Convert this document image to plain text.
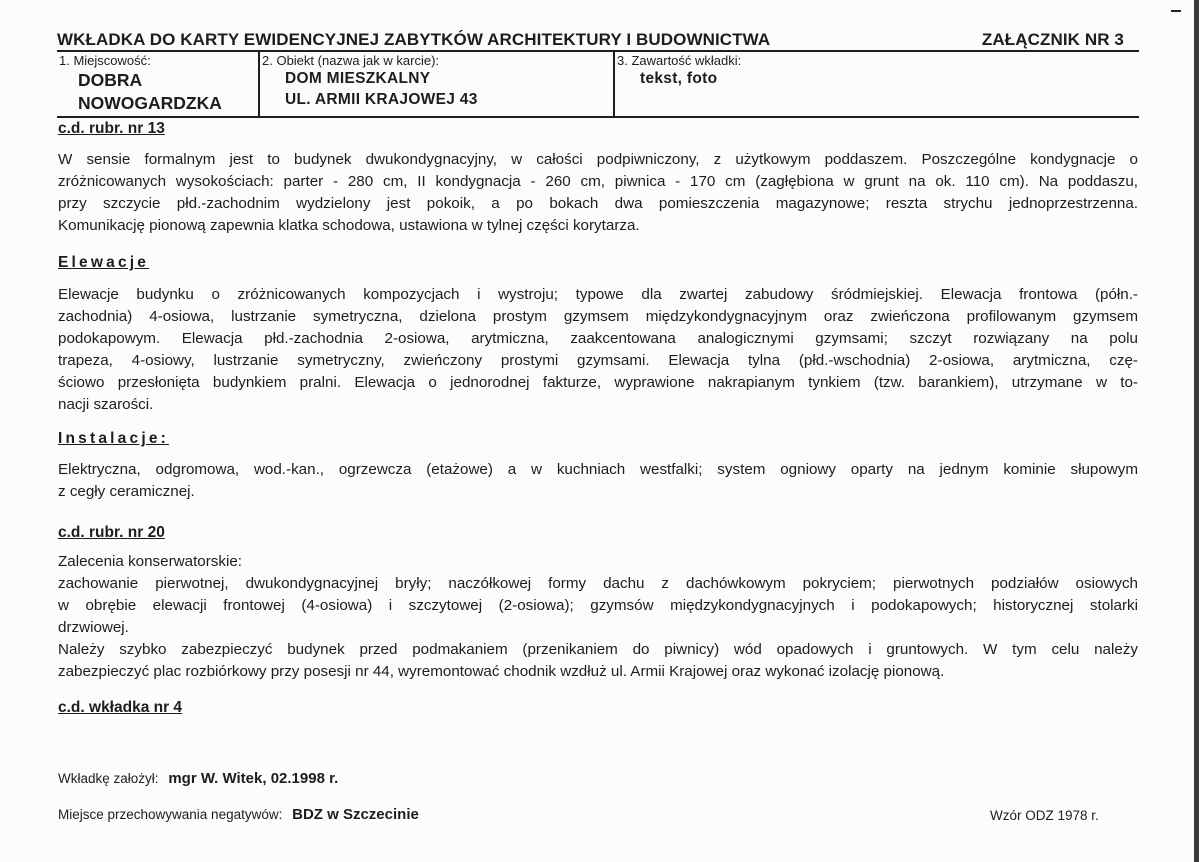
WKŁADKA DO KARTY EWIDENCYJNEJ ZABYTKÓW ARCHITEKTURY I BUDOWNICTWA	ZAŁĄCZNIK NR 3
1. Miejscowość:
DOBRA
NOWOGARDZKA
2. Obiekt (nazwa jak w karcie):
DOM MIESZKALNY
UL. ARMII KRAJOWEJ 43
3. Zawartość wkładki:
tekst, foto
c.d. rubr. nr 13
W sensie formalnym jest to budynek dwukondygnacyjny, w całości podpiwniczony, z użytkowym poddaszem. Poszczególne kondygnacje o
zróżnicowanych wysokościach: parter - 280 cm, II kondygnacja - 260 cm, piwnica - 170 cm (zagłębiona w grunt na ok. 110 cm). Na poddaszu,
przy szczycie płd.-zachodnim wydzielony jest pokoik, a po bokach dwa pomieszczenia magazynowe; reszta strychu jednoprzestrzenna.
Komunikację pionową zapewnia klatka schodowa, ustawiona w tylnej części korytarza.
Elewacje
Elewacje budynku o zróżnicowanych kompozycjach i wystroju; typowe dla zwartej zabudowy śródmiejskiej. Elewacja frontowa (półn.-
zachodnia) 4-osiowa, lustrzanie symetryczna, dzielona prostym gzymsem międzykondygnacyjnym oraz zwieńczona profilowanym gzymsem
podokapowym. Elewacja płd.-zachodnia 2-osiowa, arytmiczna, zaakcentowana analogicznymi gzymsami; szczyt rozwiązany na polu
trapeza, 4-osiowy, lustrzanie symetryczny, zwieńczony prostymi gzymsami. Elewacja tylna (płd.-wschodnia) 2-osiowa, arytmiczna, czę-
ściowo przesłonięta budynkiem pralni. Elewacja o jednorodnej fakturze, wyprawione nakrapianym tynkiem (tzw. barankiem), utrzymane w to-
nacji szarości.
Instalacje:
Elektryczna, odgromowa, wod.-kan., ogrzewcza (etażowe) a w kuchniach westfalki; system ogniowy oparty na jednym kominie słupowym
z cegły ceramicznej.
c.d. rubr. nr 20
Zalecenia konserwatorskie:
zachowanie pierwotnej, dwukondygnacyjnej bryły; naczółkowej formy dachu z dachówkowym pokryciem; pierwotnych podziałów osiowych
w obrębie elewacji frontowej (4-osiowa) i szczytowej (2-osiowa); gzymsów międzykondygnacyjnych i podokapowych; historycznej stolarki
drzwiowej.
Należy szybko zabezpieczyć budynek przed podmakaniem (przenikaniem do piwnicy) wód opadowych i gruntowych. W tym celu należy
zabezpieczyć plac rozbiórkowy przy posesji nr 44, wyremontować chodnik wzdłuż ul. Armii Krajowej oraz wykonać izolację pionową.
c.d. wkładka nr 4
Wkładkę założył: mgr W. Witek, 02.1998 r.
Miejsce przechowywania negatywów: BDZ w Szczecinie	Wzór ODZ 1978 r.
